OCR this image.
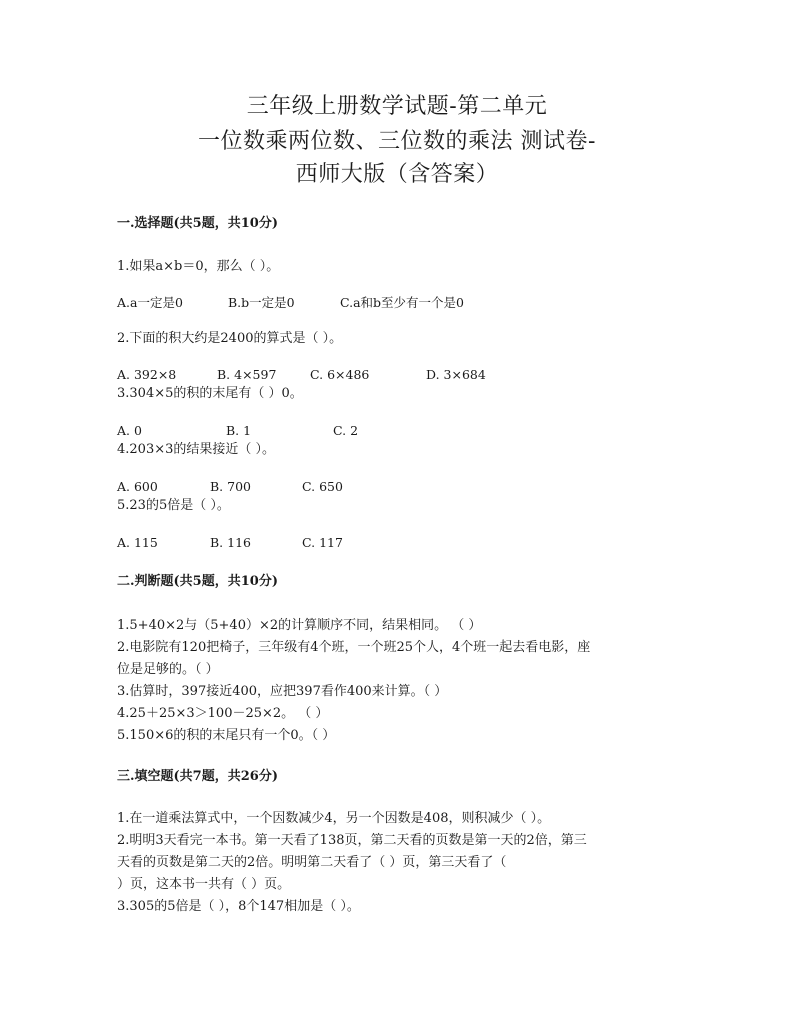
三年级上册数学试题-第二单元
一位数乘两位数、三位数的乘法 测试卷-
西师大版（含答案）
一.选择题(共5题，共10分)
1.如果a×b＝0，那么（ ）。
A.a一定是0	B.b一定是0	C.a和b至少有一个是0
2.下面的积大约是2400的算式是（ ）。
A. 392×8	B. 4×597	C. 6×486	D. 3×684
3.304×5的积的末尾有（ ）0。
A. 0	B. 1	C. 2
4.203×3的结果接近（ ）。
A. 600	B. 700	C. 650
5.23的5倍是（ ）。
A. 115	B. 116	C. 117
二.判断题(共5题，共10分)
1.5+40×2与（5+40）×2的计算顺序不同，结果相同。 （ ）
2.电影院有120把椅子，三年级有4个班，一个班25个人，4个班一起去看电影，座
位是足够的。（ ）
3.估算时，397接近400，应把397看作400来计算。（ ）
4.25＋25×3＞100－25×2。 （ ）
5.150×6的积的末尾只有一个0。（ ）
三.填空题(共7题，共26分)
1.在一道乘法算式中，一个因数减少4，另一个因数是408，则积减少（ ）。
2.明明3天看完一本书。第一天看了138页，第二天看的页数是第一天的2倍，第三
天看的页数是第二天的2倍。明明第二天看了（ ）页，第三天看了（
）页，这本书一共有（ ）页。
3.305的5倍是（ ），8个147相加是（ ）。
